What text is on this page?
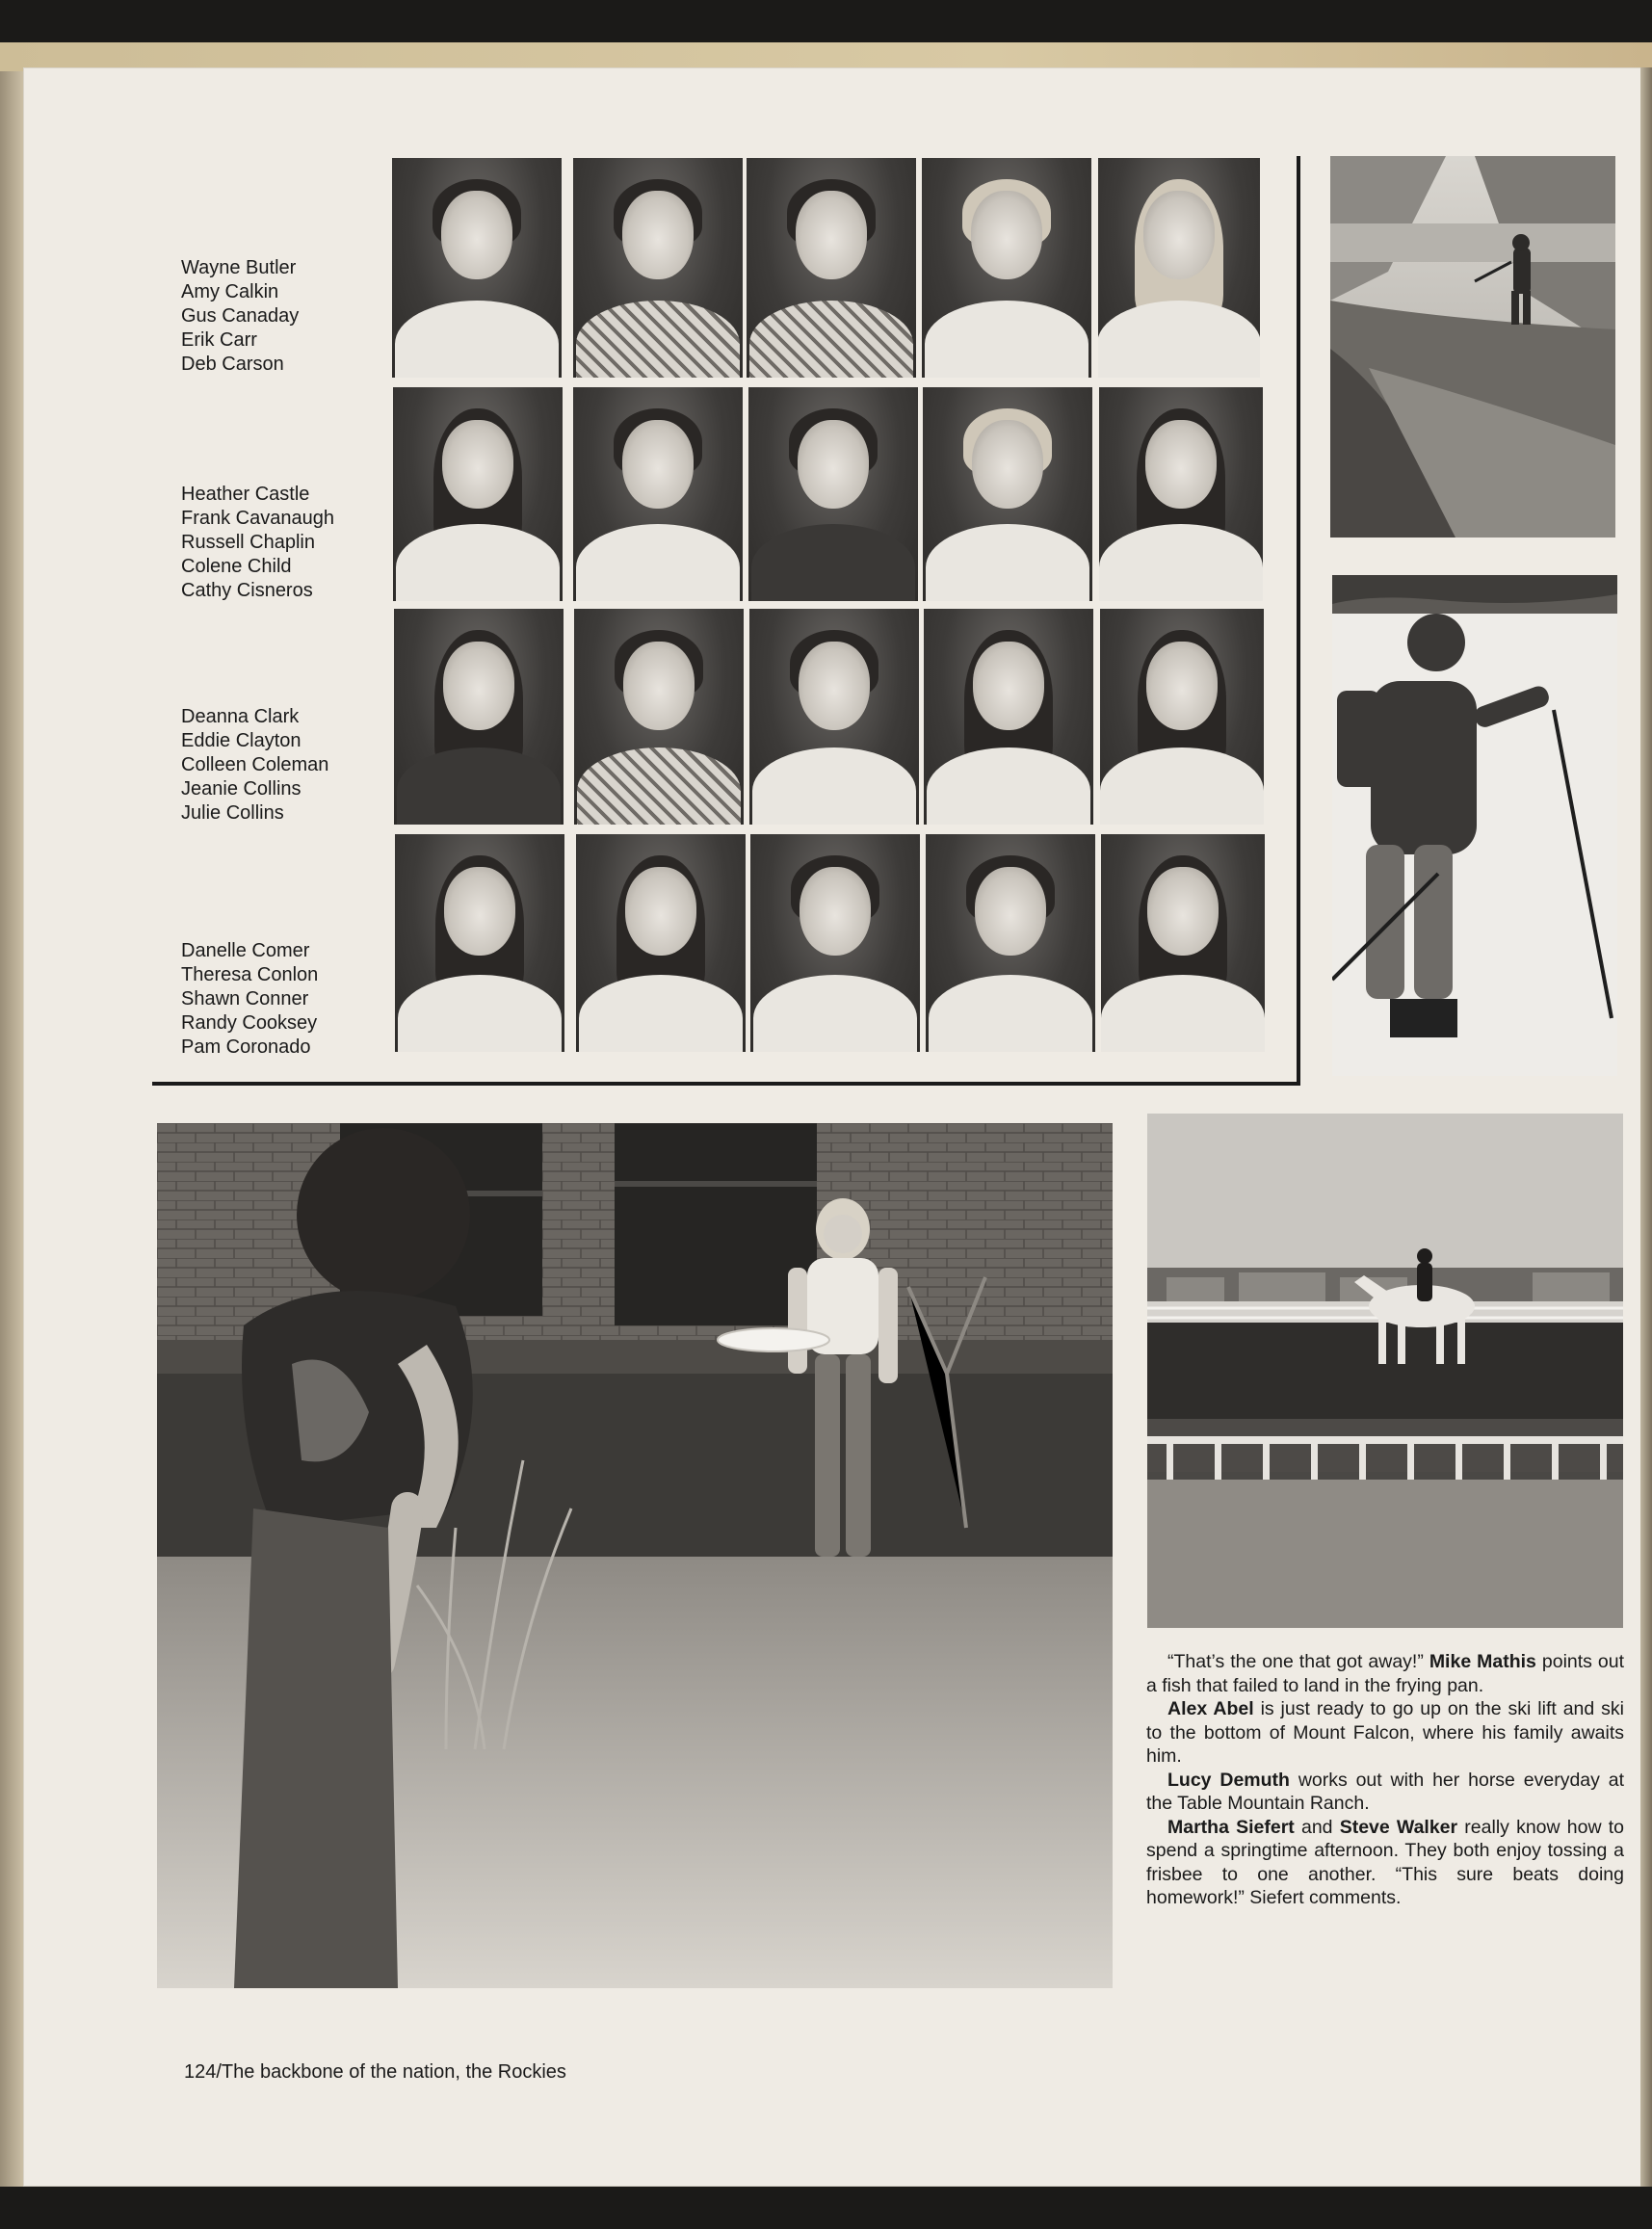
Wayne Butler
Amy Calkin
Gus Canaday
Erik Carr
Deb Carson
Heather Castle
Frank Cavanaugh
Russell Chaplin
Colene Child
Cathy Cisneros
Deanna Clark
Eddie Clayton
Colleen Coleman
Jeanie Collins
Julie Collins
Danelle Comer
Theresa Conlon
Shawn Conner
Randy Cooksey
Pam Coronado

“That’s the one that got away!” Mike Mathis points out a fish that failed to land in the frying pan.

Alex Abel is just ready to go up on the ski lift and ski to the bottom of Mount Falcon, where his family awaits him.

Lucy Demuth works out with her horse everyday at the Table Mountain Ranch.

Martha Siefert and Steve Walker really know how to spend a springtime afternoon. They both enjoy tossing a frisbee to one another. “This sure beats doing homework!” Siefert comments.

124/The backbone of the nation, the Rockies
